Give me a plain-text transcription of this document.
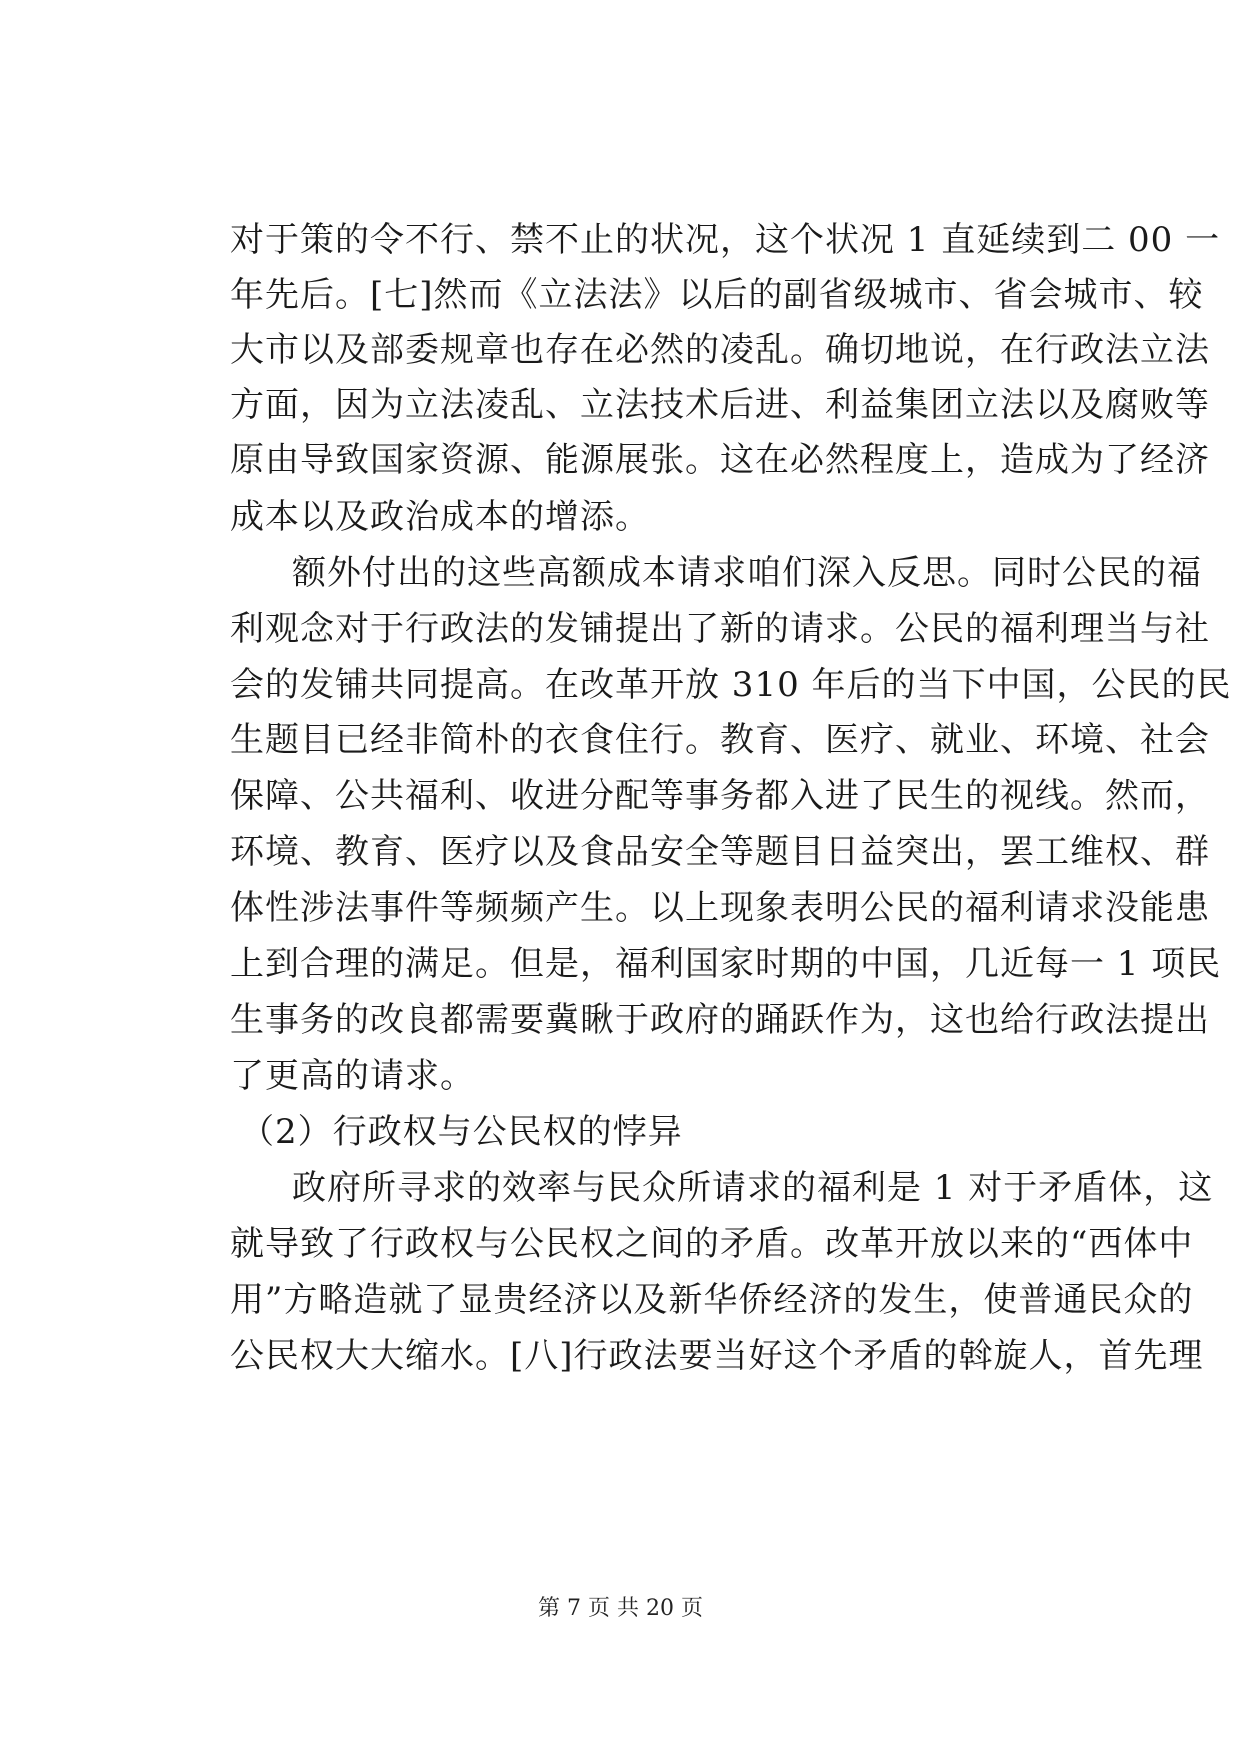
对于策的令不行、禁不止的状况，这个状况 1 直延续到二 00 一
年先后。[七]然而《立法法》以后的副省级城市、省会城市、较
大市以及部委规章也存在必然的凌乱。确切地说，在行政法立法
方面，因为立法凌乱、立法技术后进、利益集团立法以及腐败等
原由导致国家资源、能源展张。这在必然程度上，造成为了经济
成本以及政治成本的增添。
额外付出的这些高额成本请求咱们深入反思。同时公民的福
利观念对于行政法的发铺提出了新的请求。公民的福利理当与社
会的发铺共同提高。在改革开放 310 年后的当下中国，公民的民
生题目已经非简朴的衣食住行。教育、医疗、就业、环境、社会
保障、公共福利、收进分配等事务都入进了民生的视线。然而，
环境、教育、医疗以及食品安全等题目日益突出，罢工维权、群
体性涉法事件等频频产生。以上现象表明公民的福利请求没能患
上到合理的满足。但是，福利国家时期的中国，几近每一 1 项民
生事务的改良都需要冀瞅于政府的踊跃作为，这也给行政法提出
了更高的请求。
（2）行政权与公民权的悖异
政府所寻求的效率与民众所请求的福利是 1 对于矛盾体，这
就导致了行政权与公民权之间的矛盾。改革开放以来的“西体中
用”方略造就了显贵经济以及新华侨经济的发生，使普通民众的
公民权大大缩水。[八]行政法要当好这个矛盾的斡旋人，首先理
第 7 页 共 20 页
